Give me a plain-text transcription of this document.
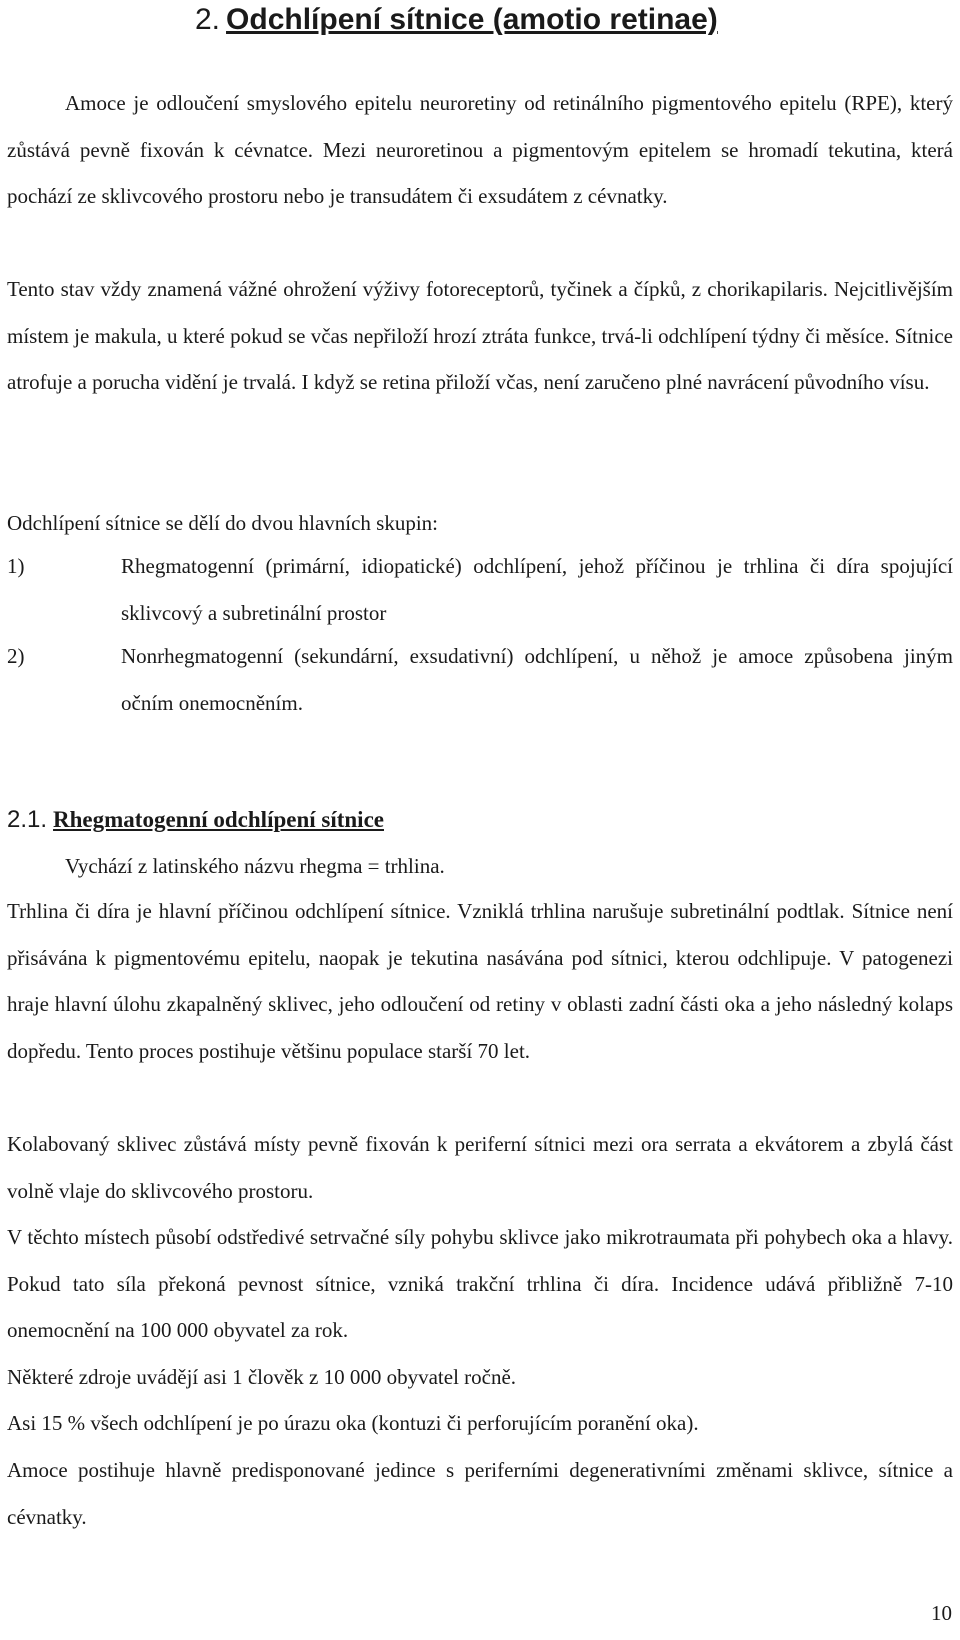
2. Odchlípení sítnice (amotio retinae)
Amoce je odloučení smyslového epitelu neuroretiny od retinálního pigmentového epitelu (RPE), který zůstává pevně fixován k cévnatce. Mezi neuroretinou a pigmentovým epitelem se hromadí tekutina, která pochází ze sklivcového prostoru nebo je transudátem či exsudátem z cévnatky.
Tento stav vždy znamená vážné ohrožení výživy fotoreceptorů, tyčinek a čípků, z chorikapilaris. Nejcitlivějším místem je makula, u které pokud se včas nepřiloží hrozí ztráta funkce, trvá-li odchlípení týdny či měsíce. Sítnice atrofuje a porucha vidění je trvalá. I když se retina přiloží včas, není zaručeno plné navrácení původního vísu.
Odchlípení sítnice se dělí do dvou hlavních skupin:
1)	Rhegmatogenní (primární, idiopatické) odchlípení, jehož příčinou je trhlina či díra spojující sklivcový a subretinální prostor
2)	Nonrhegmatogenní (sekundární, exsudativní) odchlípení, u něhož je amoce způsobena jiným očním onemocněním.
2.1. Rhegmatogenní odchlípení sítnice
Vychází z latinského názvu rhegma = trhlina.
Trhlina či díra je hlavní příčinou odchlípení sítnice. Vzniklá trhlina narušuje subretinální podtlak. Sítnice není přisávána k pigmentovému epitelu, naopak je tekutina nasávána pod sítnici, kterou odchlipuje. V patogenezi hraje hlavní úlohu zkapalněný sklivec, jeho odloučení od retiny v oblasti zadní části oka a jeho následný kolaps dopředu. Tento proces postihuje většinu populace starší 70 let.
Kolabovaný sklivec zůstává místy pevně fixován k periferní sítnici mezi ora serrata a ekvátorem a zbylá část volně vlaje do sklivcového prostoru.
V těchto místech působí odstředivé setrvačné síly pohybu sklivce jako mikrotraumata při pohybech oka a hlavy. Pokud tato síla překoná pevnost sítnice, vzniká trakční trhlina či díra. Incidence udává přibližně 7-10 onemocnění na 100 000 obyvatel za rok.
Některé zdroje uvádějí asi 1 člověk z 10 000 obyvatel ročně.
Asi 15 % všech odchlípení je po úrazu oka (kontuzi či perforujícím poranění oka).
Amoce postihuje hlavně predisponované jedince s periferními degenerativními změnami sklivce, sítnice a cévnatky.
10
